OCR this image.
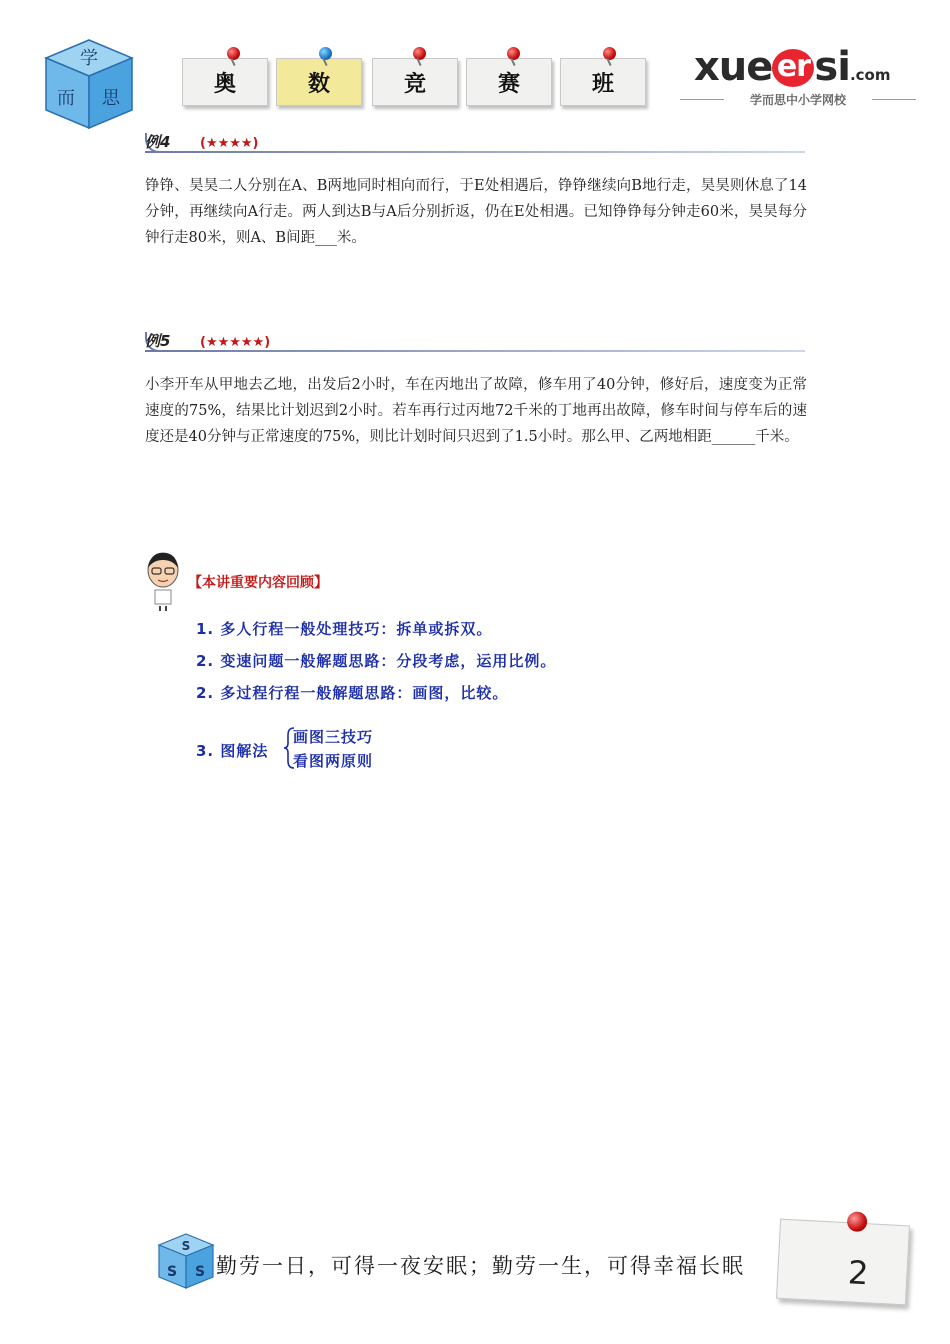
学
而 思
奥	数	竞	赛	班 xue er si.com
学而思中小学网校
例4 (★★★★)
铮铮、昊昊二人分别在A、B两地同时相向而行，于E处相遇后，铮铮继续向B地行走，昊昊则休息了14分钟，再继续向A行走。两人到达B与A后分别折返，仍在E处相遇。已知铮铮每分钟走60米，昊昊每分钟行走80米，则A、B间距___米。
例5 (★★★★★)
小李开车从甲地去乙地，出发后2小时，车在丙地出了故障，修车用了40分钟，修好后，速度变为正常速度的75%，结果比计划迟到2小时。若车再行过丙地72千米的丁地再出故障，修车时间与停车后的速度还是40分钟与正常速度的75%，则比计划时间只迟到了1.5小时。那么甲、乙两地相距______千米。
【本讲重要内容回顾】
1. 多人行程一般处理技巧：拆单或拆双。
2. 变速问题一般解题思路：分段考虑，运用比例。
2. 多过程行程一般解题思路：画图，比较。
3. 图解法
画图三技巧
看图两原则
S
S S 勤劳一日，可得一夜安眠；勤劳一生，可得幸福长眠	2
